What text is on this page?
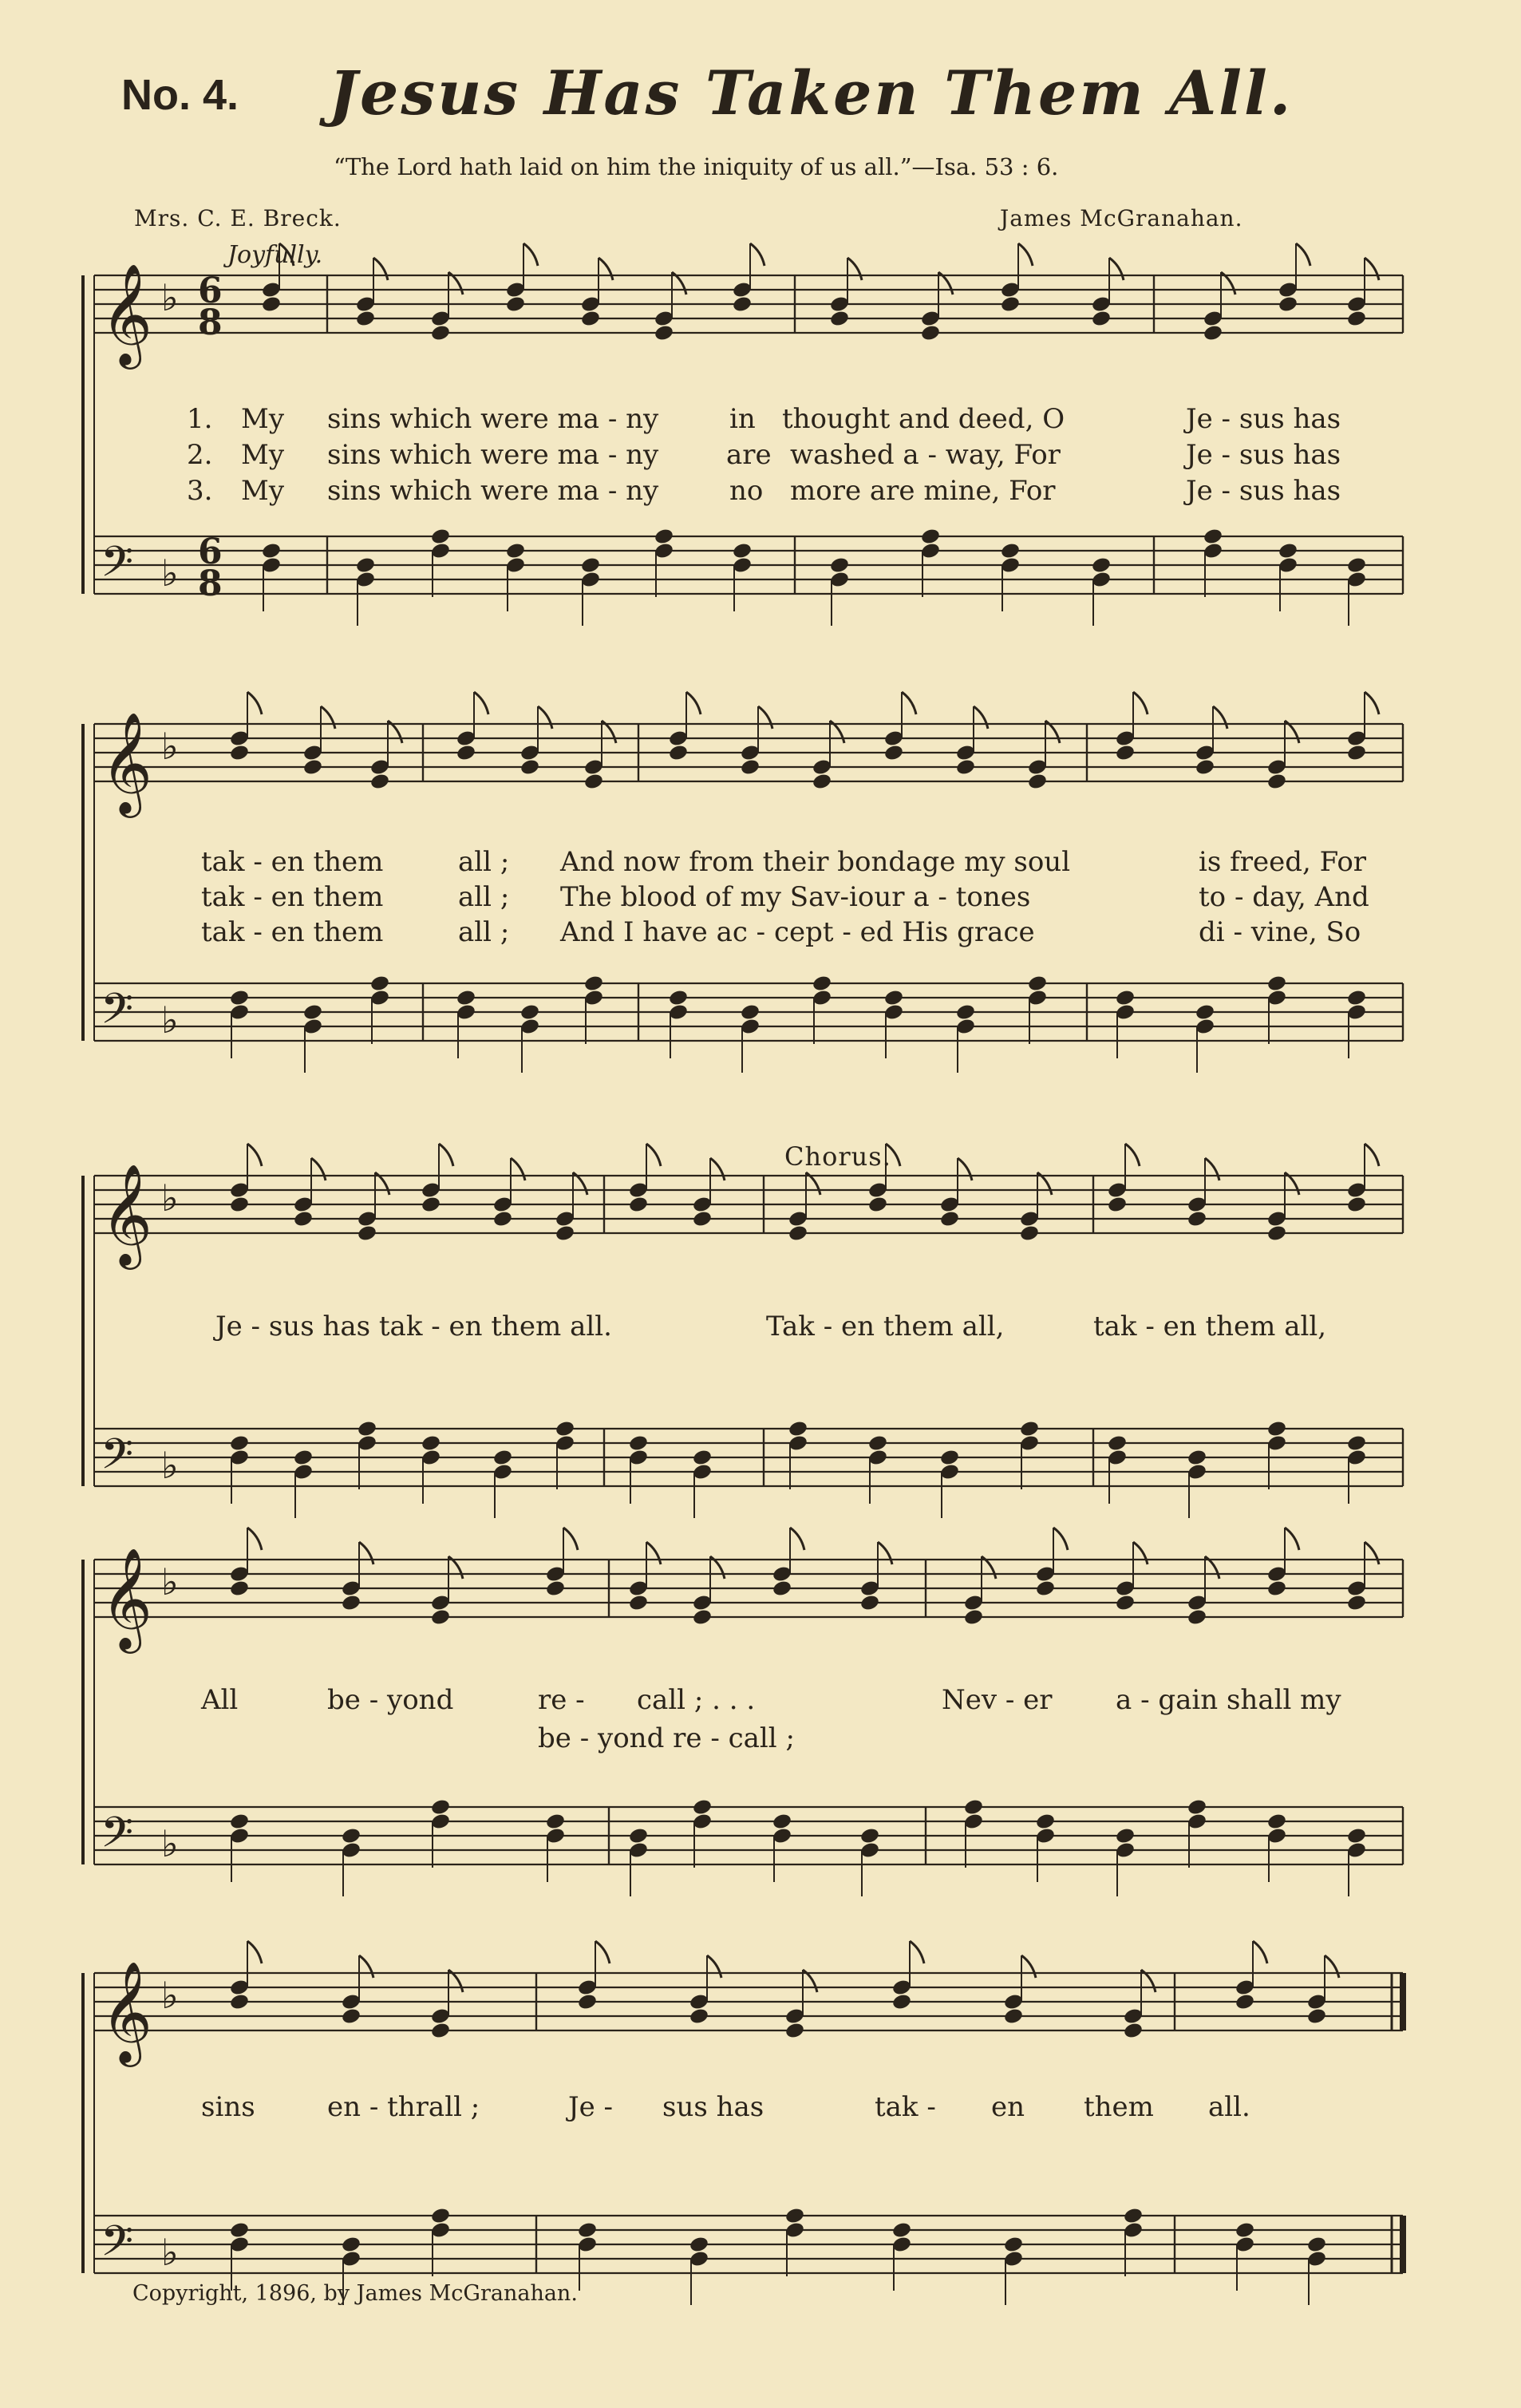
No. 4. Jesus Has Taken Them All.
“The Lord hath laid on him the iniquity of us all.”—Isa. 53 : 6.
Mrs. C. E. Breck.	James McGranahan.
Joyfully.
Chorus.
Copyright, 1896, by James McGranahan.
1. My sins which were ma - ny	in thought and deed, O	Je - sus has
2. My sins which were ma - ny are washed a - way, For	Je - sus has
3. My sins which were ma - ny	no more are mine, For	Je - sus has
tak - en them	all ; And now from their bondage my soul	is freed, For
tak - en them	all ; The blood of my Sav-iour a - tones	to - day, And
tak - en them	all ; And I have ac - cept - ed His grace	di - vine, So
Je - sus has tak - en them all.	Tak - en them all,	tak - en them all,
All	be - yond	re - call ; . . .	Nev - er a - gain shall my
be - yond re - call ;
sins	en - thrall ;	Je - sus has	tak - en them all.
𝄞 ♭ 6
8
𝄢 ♭ 6
8
𝄞 ♭
𝄢 ♭
𝄞 ♭
𝄢 ♭
𝄞 ♭
𝄢 ♭
𝄞 ♭
𝄢 ♭
